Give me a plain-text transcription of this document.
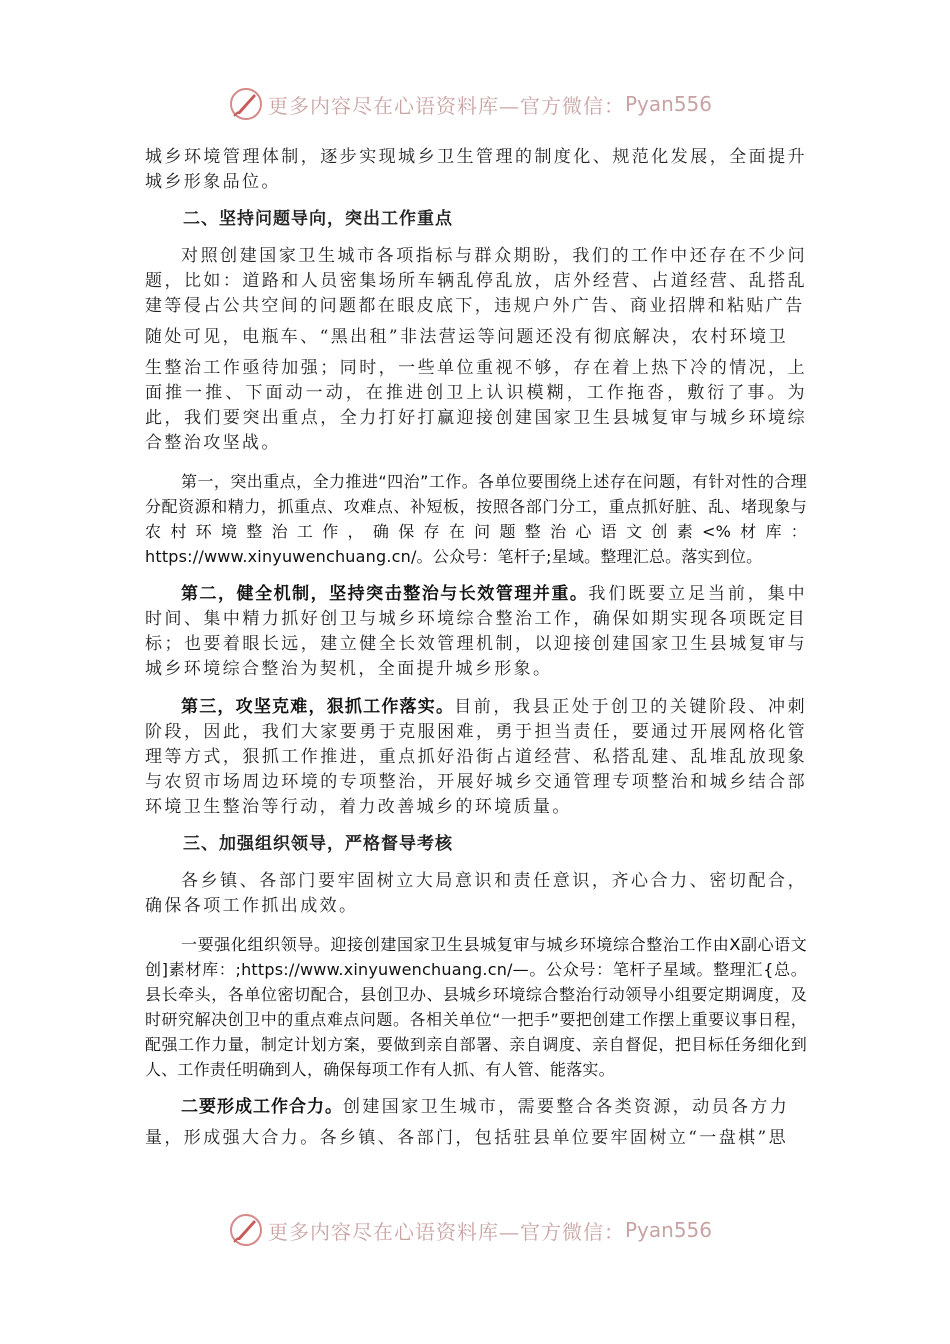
更多内容尽在心语资料库—官方微信： Pyan556

城乡环境管理体制，逐步实现城乡卫生管理的制度化、规范化发展，全面提升城乡形象品位。

二、坚持问题导向，突出工作重点

对照创建国家卫生城市各项指标与群众期盼，我们的工作中还存在不少问题，比如：道路和人员密集场所车辆乱停乱放，店外经营、占道经营、乱搭乱建等侵占公共空间的问题都在眼皮底下，违规户外广告、商业招牌和粘贴广告

随处可见，电瓶车、“黑出租”非法营运等问题还没有彻底解决，农村环境卫

生整治工作亟待加强；同时，一些单位重视不够，存在着上热下冷的情况，上面推一推、下面动一动，在推进创卫上认识模糊，工作拖沓，敷衍了事。为此，我们要突出重点，全力打好打赢迎接创建国家卫生县城复审与城乡环境综合整治攻坚战。

第一，突出重点，全力推进“四治”工作。各单位要围绕上述存在问题，有针对性的合理分配资源和精力，抓重点、攻难点、补短板，按照各部门分工，重点抓好脏、乱、堵现象与农村环境整治工作，确保存在问题整治心语文创素<%材库：https://www.xinyuwenchuang.cn/。公众号：笔杆子;星域。整理汇总。落实到位。

第二，健全机制，坚持突击整治与长效管理并重。我们既要立足当前，集中时间、集中精力抓好创卫与城乡环境综合整治工作，确保如期实现各项既定目标；也要着眼长远，建立健全长效管理机制，以迎接创建国家卫生县城复审与城乡环境综合整治为契机，全面提升城乡形象。

第三，攻坚克难，狠抓工作落实。目前，我县正处于创卫的关键阶段、冲刺阶段，因此，我们大家要勇于克服困难，勇于担当责任，要通过开展网格化管理等方式，狠抓工作推进，重点抓好沿街占道经营、私搭乱建、乱堆乱放现象与农贸市场周边环境的专项整治，开展好城乡交通管理专项整治和城乡结合部环境卫生整治等行动，着力改善城乡的环境质量。

三、加强组织领导，严格督导考核

各乡镇、各部门要牢固树立大局意识和责任意识，齐心合力、密切配合，确保各项工作抓出成效。

一要强化组织领导。迎接创建国家卫生县城复审与城乡环境综合整治工作由X副心语文创]素材库：;https://www.xinyuwenchuang.cn/—。公众号：笔杆子星域。整理汇{总。县长牵头，各单位密切配合，县创卫办、县城乡环境综合整治行动领导小组要定期调度，及时研究解决创卫中的重点难点问题。各相关单位“一把手”要把创建工作摆上重要议事日程，配强工作力量，制定计划方案，要做到亲自部署、亲自调度、亲自督促，把目标任务细化到人、工作责任明确到人，确保每项工作有人抓、有人管、能落实。

二要形成工作合力。创建国家卫生城市，需要整合各类资源，动员各方力

量，形成强大合力。各乡镇、各部门，包括驻县单位要牢固树立“一盘棋”思

更多内容尽在心语资料库—官方微信： Pyan556
